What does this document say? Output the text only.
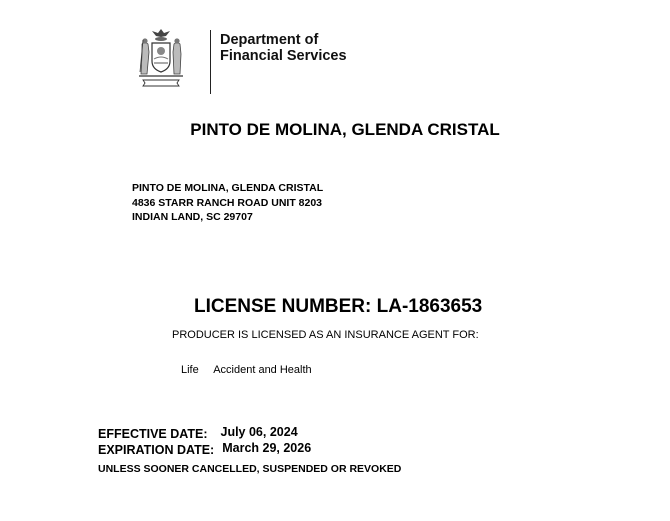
Department of
Financial Services
PINTO DE MOLINA, GLENDA CRISTAL
PINTO DE MOLINA, GLENDA CRISTAL
4836 STARR RANCH ROAD UNIT 8203
INDIAN LAND, SC 29707
LICENSE NUMBER: LA-1863653
PRODUCER IS LICENSED AS AN INSURANCE AGENT FOR:
Life Accident and Health
EFFECTIVE DATE: July 06, 2024
EXPIRATION DATE: March 29, 2026
UNLESS SOONER CANCELLED, SUSPENDED OR REVOKED
